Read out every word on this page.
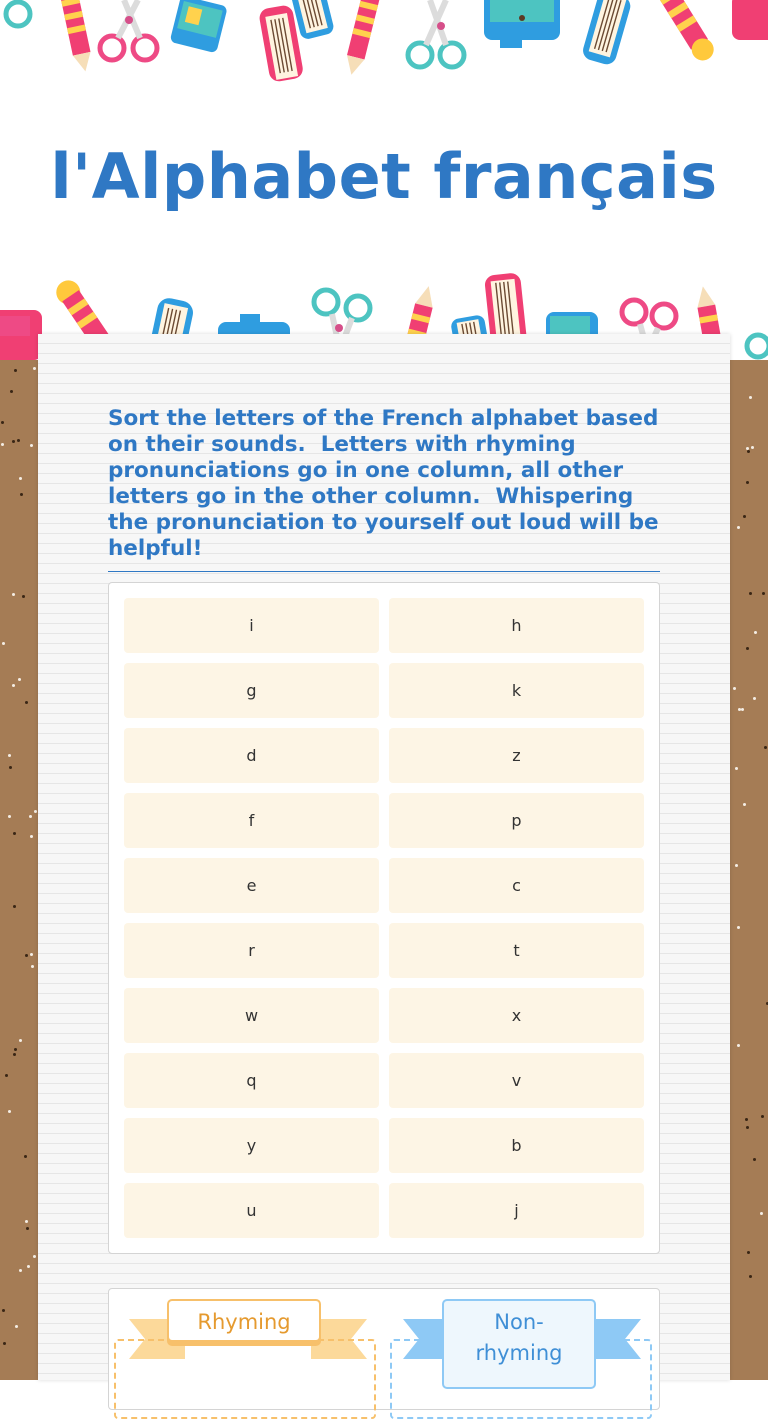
l'Alphabet français

Sort the letters of the French alphabet based on their sounds.  Letters with rhyming pronunciations go in one column, all other letters go in the other column.  Whispering the pronunciation to yourself out loud will be helpful!

i	h
g	k
d	z
f	p
e	c
r	t
w	x
q	v
y	b
u	j
Rhyming	Non-
rhyming
